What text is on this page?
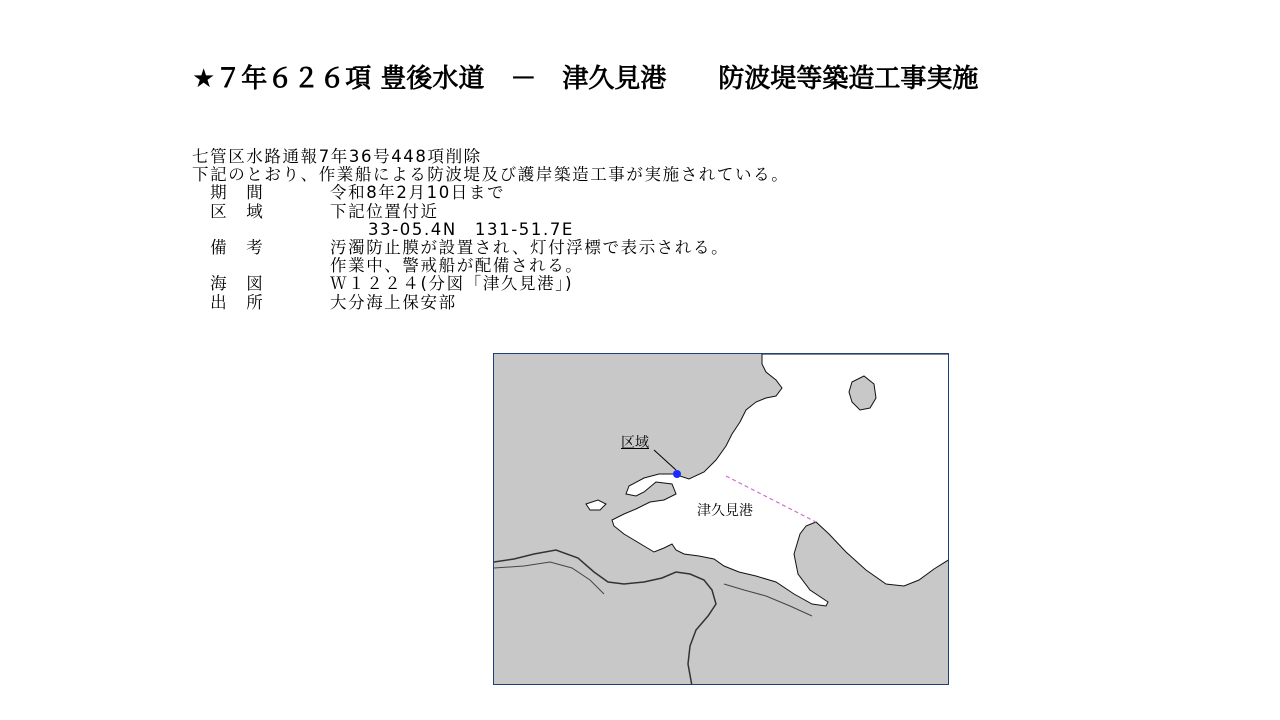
★７年６２６項 豊後水道　－　津久見港　　防波堤等築造工事実施
七管区水路通報7年36号448項削除
下記のとおり、作業船による防波堤及び護岸築造工事が実施されている。
　期　間	令和8年2月10日まで
　区　域	下記位置付近
33-05.4N　131-51.7E
　備　考	汚濁防止膜が設置され、灯付浮標で表示される。
作業中、警戒船が配備される。
　海　図	Ｗ１２２４(分図「津久見港」)
　出　所	大分海上保安部
区域
津久見港
